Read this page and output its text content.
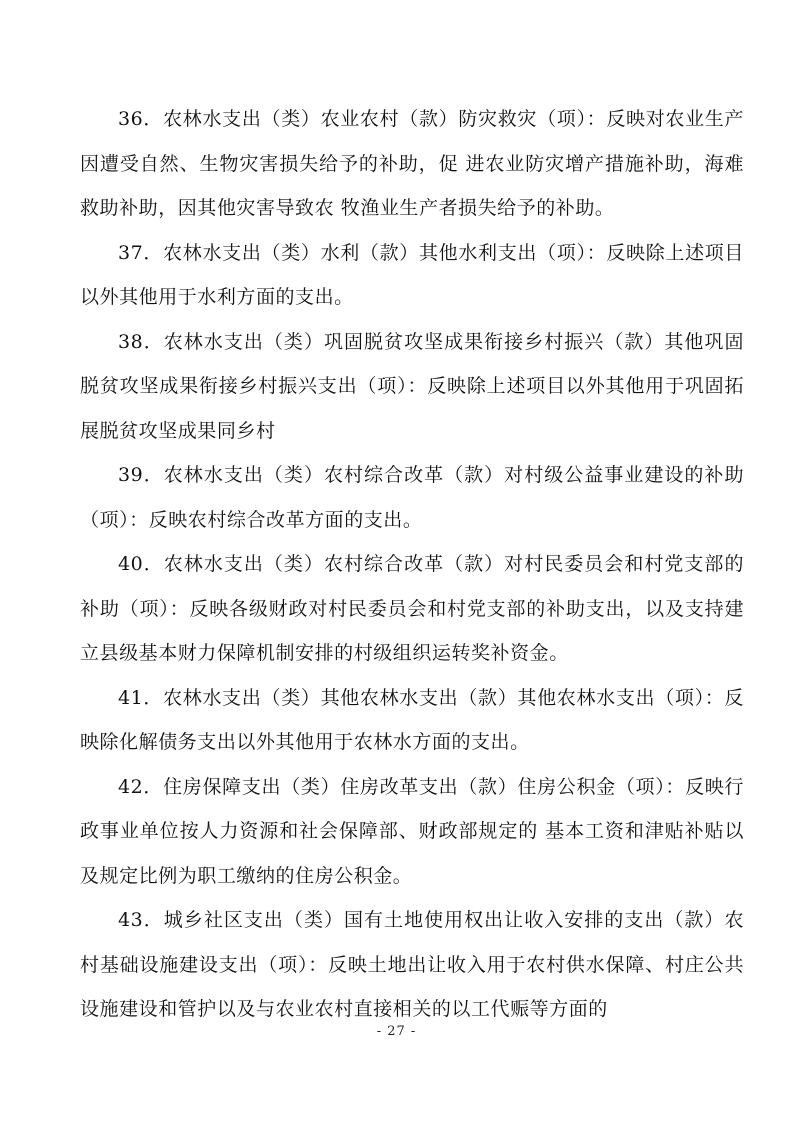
36．农林水支出（类）农业农村（款）防灾救灾（项）：反映对农业生产因遭受自然、生物灾害损失给予的补助，促 进农业防灾增产措施补助，海难救助补助，因其他灾害导致农 牧渔业生产者损失给予的补助。

37．农林水支出（类）水利（款）其他水利支出（项）：反映除上述项目以外其他用于水利方面的支出。

38．农林水支出（类）巩固脱贫攻坚成果衔接乡村振兴（款）其他巩固脱贫攻坚成果衔接乡村振兴支出（项）：反映除上述项目以外其他用于巩固拓展脱贫攻坚成果同乡村

39．农林水支出（类）农村综合改革（款）对村级公益事业建设的补助（项）：反映农村综合改革方面的支出。

40．农林水支出（类）农村综合改革（款）对村民委员会和村党支部的补助（项）：反映各级财政对村民委员会和村党支部的补助支出，以及支持建立县级基本财力保障机制安排的村级组织运转奖补资金。

41．农林水支出（类）其他农林水支出（款）其他农林水支出（项）：反映除化解债务支出以外其他用于农林水方面的支出。

42．住房保障支出（类）住房改革支出（款）住房公积金（项）：反映行政事业单位按人力资源和社会保障部、财政部规定的 基本工资和津贴补贴以及规定比例为职工缴纳的住房公积金。

43．城乡社区支出（类）国有土地使用权出让收入安排的支出（款）农村基础设施建设支出（项）：反映土地出让收入用于农村供水保障、村庄公共设施建设和管护以及与农业农村直接相关的以工代赈等方面的

- 27 -
